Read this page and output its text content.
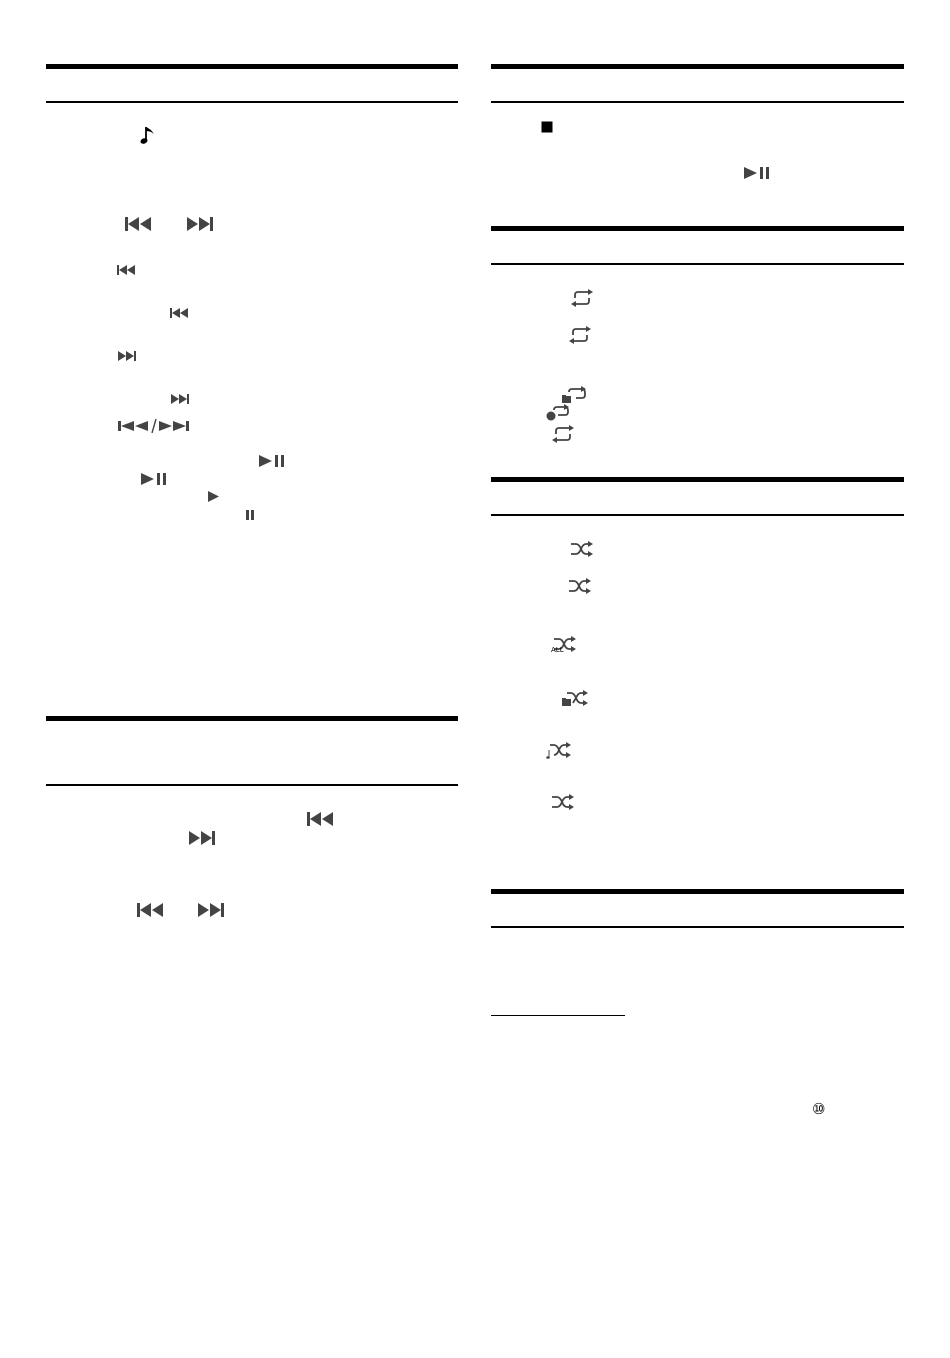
ALL
⑩
